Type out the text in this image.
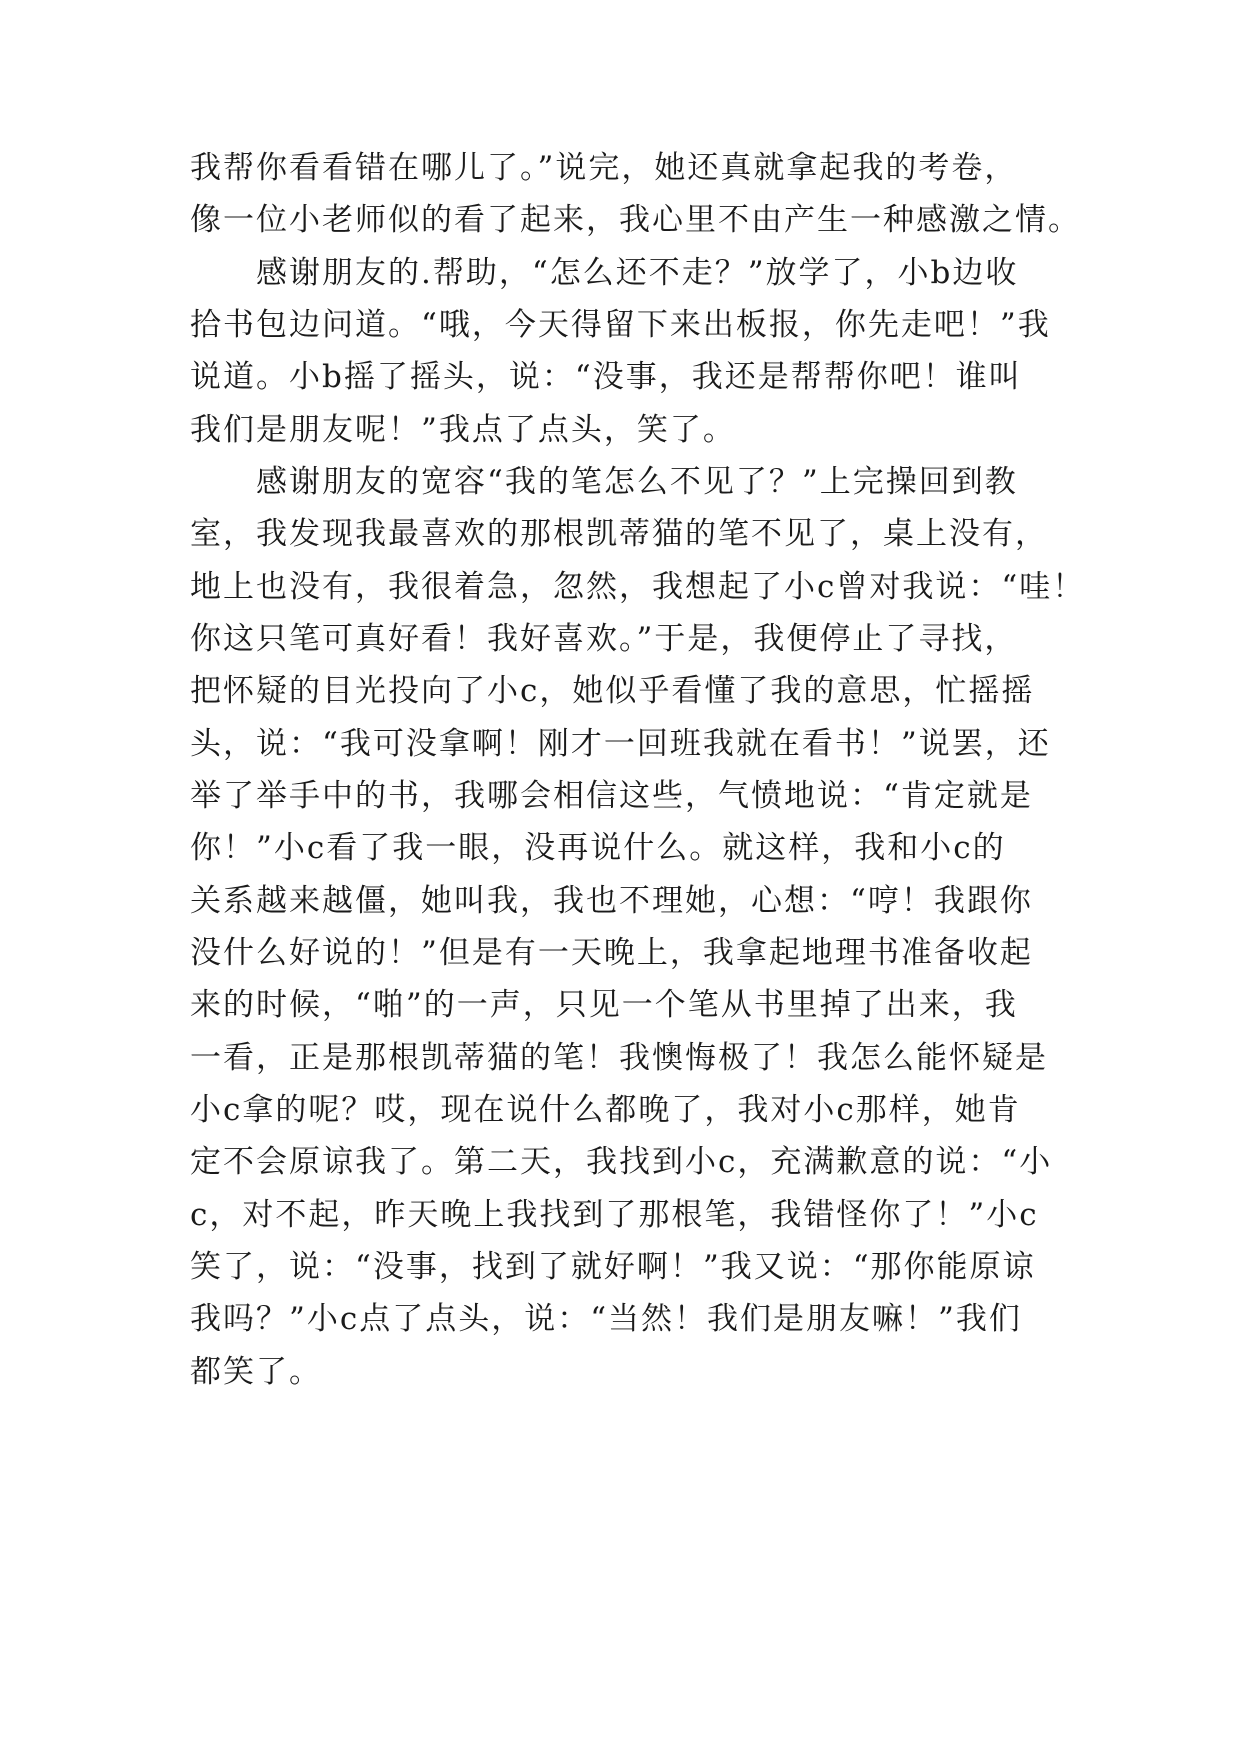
我帮你看看错在哪儿了。”说完，她还真就拿起我的考卷，
像一位小老师似的看了起来，我心里不由产生一种感激之情。
　　感谢朋友的.帮助，“怎么还不走？”放学了，小b边收
拾书包边问道。“哦，今天得留下来出板报，你先走吧！”我
说道。小b摇了摇头，说：“没事，我还是帮帮你吧！谁叫
我们是朋友呢！”我点了点头，笑了。
　　感谢朋友的宽容“我的笔怎么不见了？”上完操回到教
室，我发现我最喜欢的那根凯蒂猫的笔不见了，桌上没有，
地上也没有，我很着急，忽然，我想起了小c曾对我说：“哇！
你这只笔可真好看！我好喜欢。”于是，我便停止了寻找，
把怀疑的目光投向了小c，她似乎看懂了我的意思，忙摇摇
头，说：“我可没拿啊！刚才一回班我就在看书！”说罢，还
举了举手中的书，我哪会相信这些，气愤地说：“肯定就是
你！”小c看了我一眼，没再说什么。就这样，我和小c的
关系越来越僵，她叫我，我也不理她，心想：“哼！我跟你
没什么好说的！”但是有一天晚上，我拿起地理书准备收起
来的时候，“啪”的一声，只见一个笔从书里掉了出来，我
一看，正是那根凯蒂猫的笔！我懊悔极了！我怎么能怀疑是
小c拿的呢？哎，现在说什么都晚了，我对小c那样，她肯
定不会原谅我了。第二天，我找到小c，充满歉意的说：“小
c，对不起，昨天晚上我找到了那根笔，我错怪你了！”小c
笑了，说：“没事，找到了就好啊！”我又说：“那你能原谅
我吗？”小c点了点头，说：“当然！我们是朋友嘛！”我们
都笑了。
